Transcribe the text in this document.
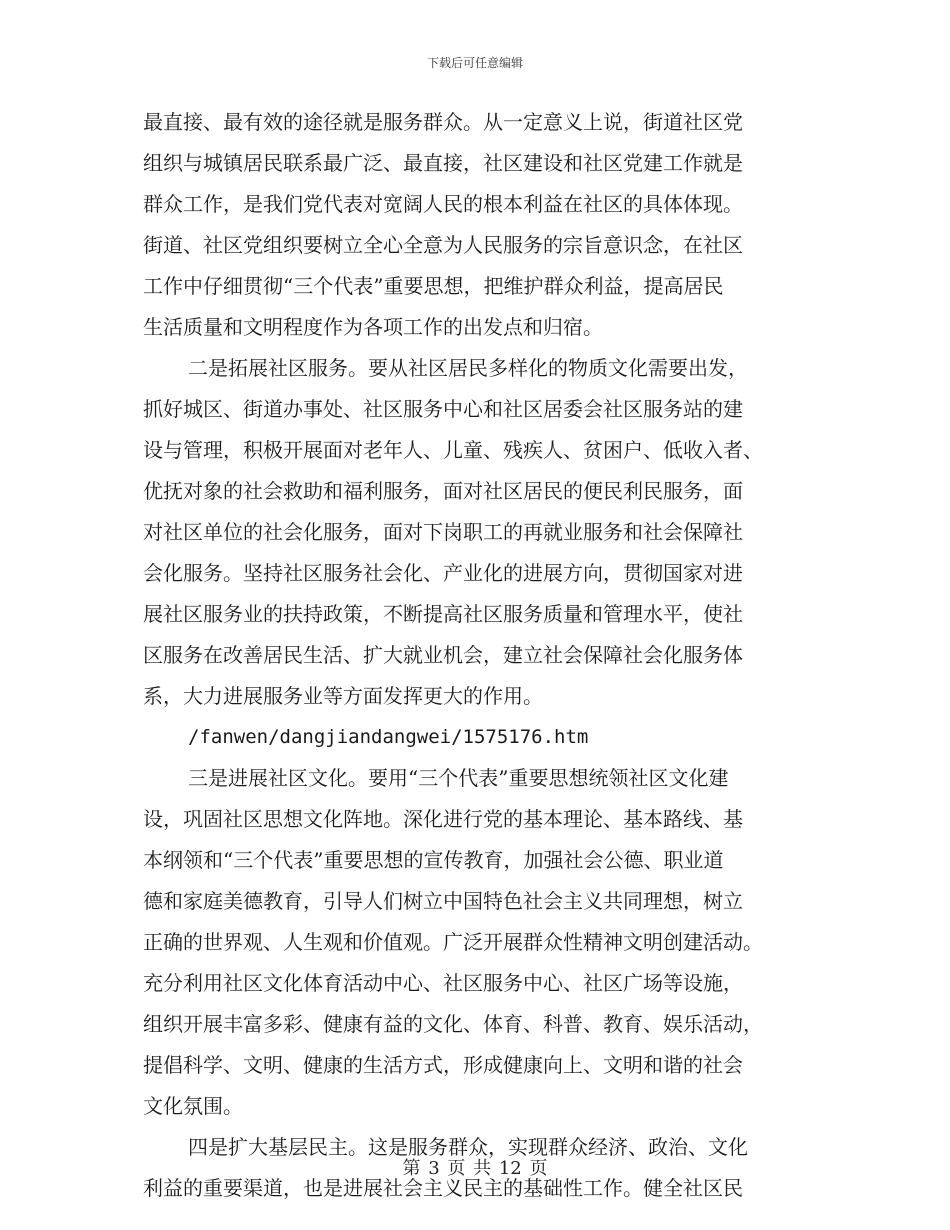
下载后可任意编辑
最直接、最有效的途径就是服务群众。从一定意义上说，街道社区党
组织与城镇居民联系最广泛、最直接，社区建设和社区党建工作就是
群众工作，是我们党代表对宽阔人民的根本利益在社区的具体体现。
街道、社区党组织要树立全心全意为人民服务的宗旨意识念，在社区
工作中仔细贯彻“三个代表”重要思想，把维护群众利益，提高居民
生活质量和文明程度作为各项工作的出发点和归宿。
二是拓展社区服务。要从社区居民多样化的物质文化需要出发，
抓好城区、街道办事处、社区服务中心和社区居委会社区服务站的建
设与管理，积极开展面对老年人、儿童、残疾人、贫困户、低收入者、
优抚对象的社会救助和福利服务，面对社区居民的便民利民服务，面
对社区单位的社会化服务，面对下岗职工的再就业服务和社会保障社
会化服务。坚持社区服务社会化、产业化的进展方向，贯彻国家对进
展社区服务业的扶持政策，不断提高社区服务质量和管理水平，使社
区服务在改善居民生活、扩大就业机会，建立社会保障社会化服务体
系，大力进展服务业等方面发挥更大的作用。
/fanwen/dangjiandangwei/1575176.htm
三是进展社区文化。要用“三个代表”重要思想统领社区文化建
设，巩固社区思想文化阵地。深化进行党的基本理论、基本路线、基
本纲领和“三个代表”重要思想的宣传教育，加强社会公德、职业道
德和家庭美德教育，引导人们树立中国特色社会主义共同理想，树立
正确的世界观、人生观和价值观。广泛开展群众性精神文明创建活动。
充分利用社区文化体育活动中心、社区服务中心、社区广场等设施，
组织开展丰富多彩、健康有益的文化、体育、科普、教育、娱乐活动，
提倡科学、文明、健康的生活方式，形成健康向上、文明和谐的社会
文化氛围。
四是扩大基层民主。这是服务群众，实现群众经济、政治、文化
利益的重要渠道，也是进展社会主义民主的基础性工作。健全社区民
第 3 页 共 12 页
